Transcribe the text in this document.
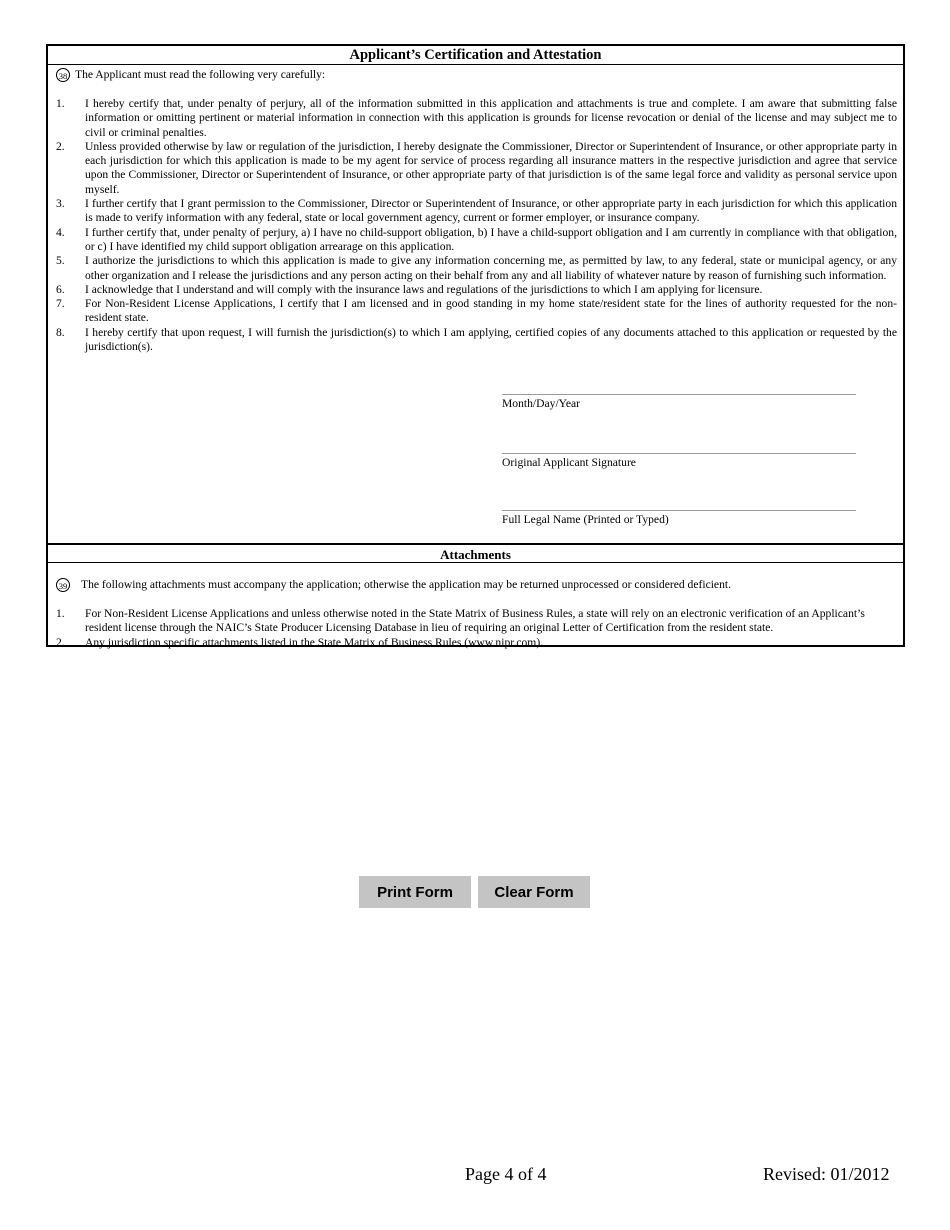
Applicant’s Certification and Attestation
38 The Applicant must read the following very carefully:
1.	I hereby certify that, under penalty of perjury, all of the information submitted in this application and attachments is true and complete. I am aware that submitting false information or omitting pertinent or material information in connection with this application is grounds for license revocation or denial of the license and may subject me to civil or criminal penalties.
2.	Unless provided otherwise by law or regulation of the jurisdiction, I hereby designate the Commissioner, Director or Superintendent of Insurance, or other appropriate party in each jurisdiction for which this application is made to be my agent for service of process regarding all insurance matters in the respective jurisdiction and agree that service upon the Commissioner, Director or Superintendent of Insurance, or other appropriate party of that jurisdiction is of the same legal force and validity as personal service upon myself.
3.	I further certify that I grant permission to the Commissioner, Director or Superintendent of Insurance, or other appropriate party in each jurisdiction for which this application is made to verify information with any federal, state or local government agency, current or former employer, or insurance company.
4.	I further certify that, under penalty of perjury, a) I have no child-support obligation, b) I have a child-support obligation and I am currently in compliance with that obligation, or c) I have identified my child support obligation arrearage on this application.
5.	I authorize the jurisdictions to which this application is made to give any information concerning me, as permitted by law, to any federal, state or municipal agency, or any other organization and I release the jurisdictions and any person acting on their behalf from any and all liability of whatever nature by reason of furnishing such information.
6.	I acknowledge that I understand and will comply with the insurance laws and regulations of the jurisdictions to which I am applying for licensure.
7.	For Non-Resident License Applications, I certify that I am licensed and in good standing in my home state/resident state for the lines of authority requested for the non-resident state.
8.	I hereby certify that upon request, I will furnish the jurisdiction(s) to which I am applying, certified copies of any documents attached to this application or requested by the jurisdiction(s).
Month/Day/Year
Original Applicant Signature
Full Legal Name (Printed or Typed)
Attachments
39 The following attachments must accompany the application; otherwise the application may be returned unprocessed or considered deficient.
1.	For Non-Resident License Applications and unless otherwise noted in the State Matrix of Business Rules, a state will rely on an electronic verification of an Applicant’s resident license through the NAIC’s State Producer Licensing Database in lieu of requiring an original Letter of Certification from the resident state.
2.	Any jurisdiction specific attachments listed in the State Matrix of Business Rules (www.nipr.com).
Print Form	Clear Form
Page 4 of 4	Revised: 01/2012
